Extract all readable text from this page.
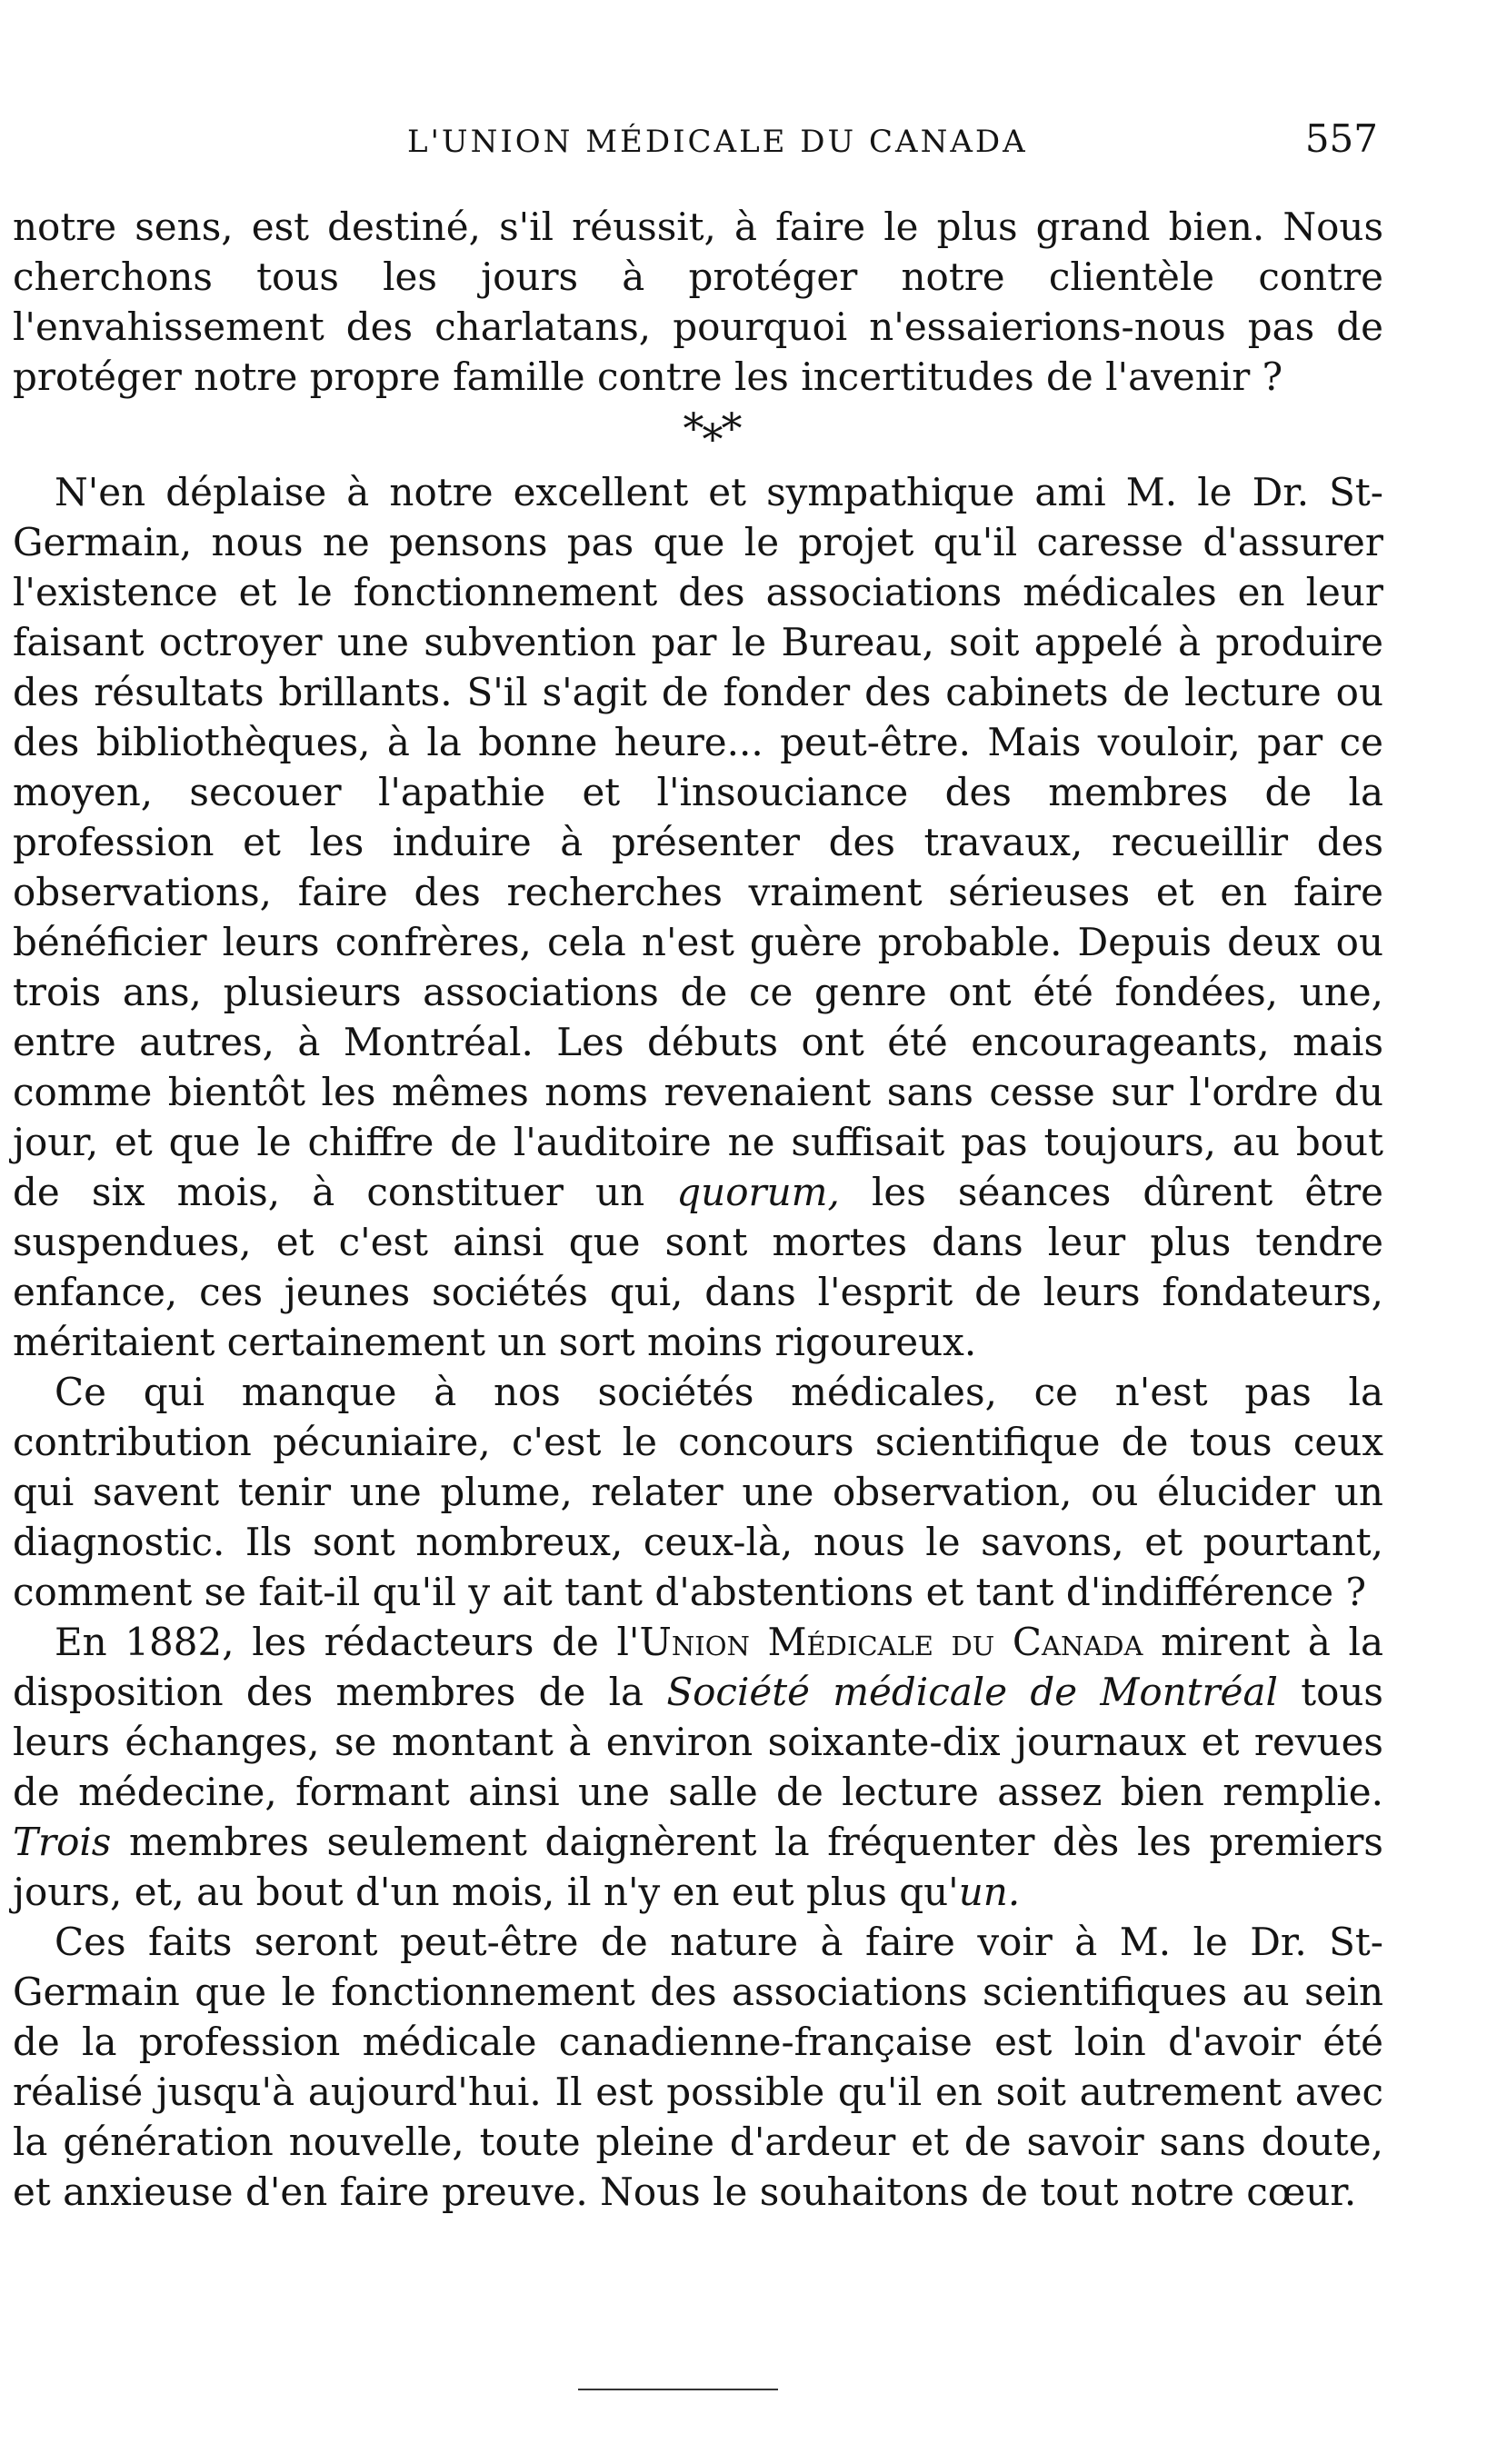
L'UNION MÉDICALE DU CANADA	557

notre sens, est destiné, s'il réussit, à faire le plus grand bien. Nous cherchons tous les jours à protéger notre clientèle contre l'envahissement des charlatans, pourquoi n'essaierions-nous pas de protéger notre propre famille contre les incertitudes de l'avenir ?

***

N'en déplaise à notre excellent et sympathique ami M. le Dr. St-Germain, nous ne pensons pas que le projet qu'il caresse d'assurer l'existence et le fonctionnement des associations médicales en leur faisant octroyer une subvention par le Bureau, soit appelé à produire des résultats brillants. S'il s'agit de fonder des cabinets de lecture ou des bibliothèques, à la bonne heure... peut-être. Mais vouloir, par ce moyen, secouer l'apathie et l'insouciance des membres de la profession et les induire à présenter des travaux, recueillir des observations, faire des recherches vraiment sérieuses et en faire bénéficier leurs confrères, cela n'est guère probable. Depuis deux ou trois ans, plusieurs associations de ce genre ont été fondées, une, entre autres, à Montréal. Les débuts ont été encourageants, mais comme bientôt les mêmes noms revenaient sans cesse sur l'ordre du jour, et que le chiffre de l'auditoire ne suffisait pas toujours, au bout de six mois, à constituer un quorum, les séances dûrent être suspendues, et c'est ainsi que sont mortes dans leur plus tendre enfance, ces jeunes sociétés qui, dans l'esprit de leurs fondateurs, méritaient certainement un sort moins rigoureux.

Ce qui manque à nos sociétés médicales, ce n'est pas la contribution pécuniaire, c'est le concours scientifique de tous ceux qui savent tenir une plume, relater une observation, ou élucider un diagnostic. Ils sont nombreux, ceux-là, nous le savons, et pourtant, comment se fait-il qu'il y ait tant d'abstentions et tant d'indifférence ?

En 1882, les rédacteurs de l'Union Médicale du Canada mirent à la disposition des membres de la Société médicale de Montréal tous leurs échanges, se montant à environ soixante-dix journaux et revues de médecine, formant ainsi une salle de lecture assez bien remplie. Trois membres seulement daignèrent la fréquenter dès les premiers jours, et, au bout d'un mois, il n'y en eut plus qu'un.

Ces faits seront peut-être de nature à faire voir à M. le Dr. St-Germain que le fonctionnement des associations scientifiques au sein de la profession médicale canadienne-française est loin d'avoir été réalisé jusqu'à aujourd'hui. Il est possible qu'il en soit autrement avec la génération nouvelle, toute pleine d'ardeur et de savoir sans doute, et anxieuse d'en faire preuve. Nous le souhaitons de tout notre cœur.
